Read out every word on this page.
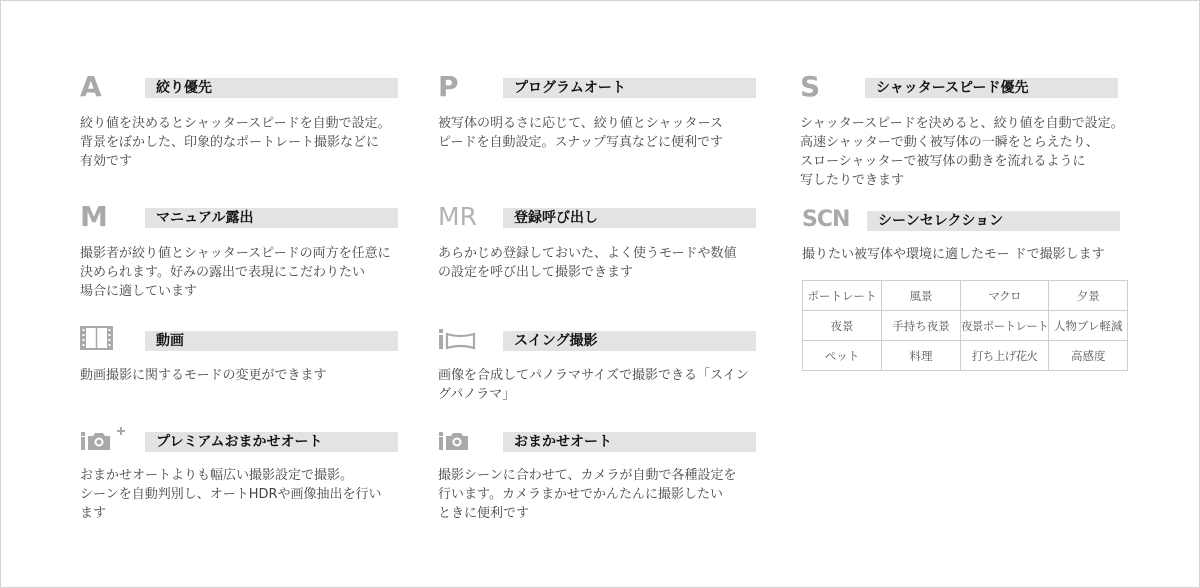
A	絞り優先
絞り値を決めるとシャッタースピードを自動で設定。
背景をぼかした、印象的なポートレート撮影などに
有効です
P	プログラムオート
被写体の明るさに応じて、絞り値とシャッタース
ピードを自動設定。スナップ写真などに便利です
S	シャッタースピード優先
シャッタースピードを決めると、絞り値を自動で設定。
高速シャッターで動く被写体の一瞬をとらえたり、
スローシャッターで被写体の動きを流れるように
写したりできます
M	マニュアル露出
撮影者が絞り値とシャッタースピードの両方を任意に
決められます。好みの露出で表現にこだわりたい
場合に適しています
MR	登録呼び出し
あらかじめ登録しておいた、よく使うモードや数値
の設定を呼び出して撮影できます
SCN	シーンセレクション
撮りたい被写体や環境に適したモー ドで撮影します
ポートレート	風景	マクロ	夕景
夜景	手持ち夜景	夜景ポートレート	人物ブレ軽減
ペット	料理	打ち上げ花火	高感度
動画
動画撮影に関するモードの変更ができます
スイング撮影
画像を合成してパノラマサイズで撮影できる「スイン
グパノラマ」
プレミアムおまかせオート
おまかせオートよりも幅広い撮影設定で撮影。
シーンを自動判別し、オートHDRや画像抽出を行い
ます
おまかせオート
撮影シーンに合わせて、カメラが自動で各種設定を
行います。カメラまかせでかんたんに撮影したい
ときに便利です
